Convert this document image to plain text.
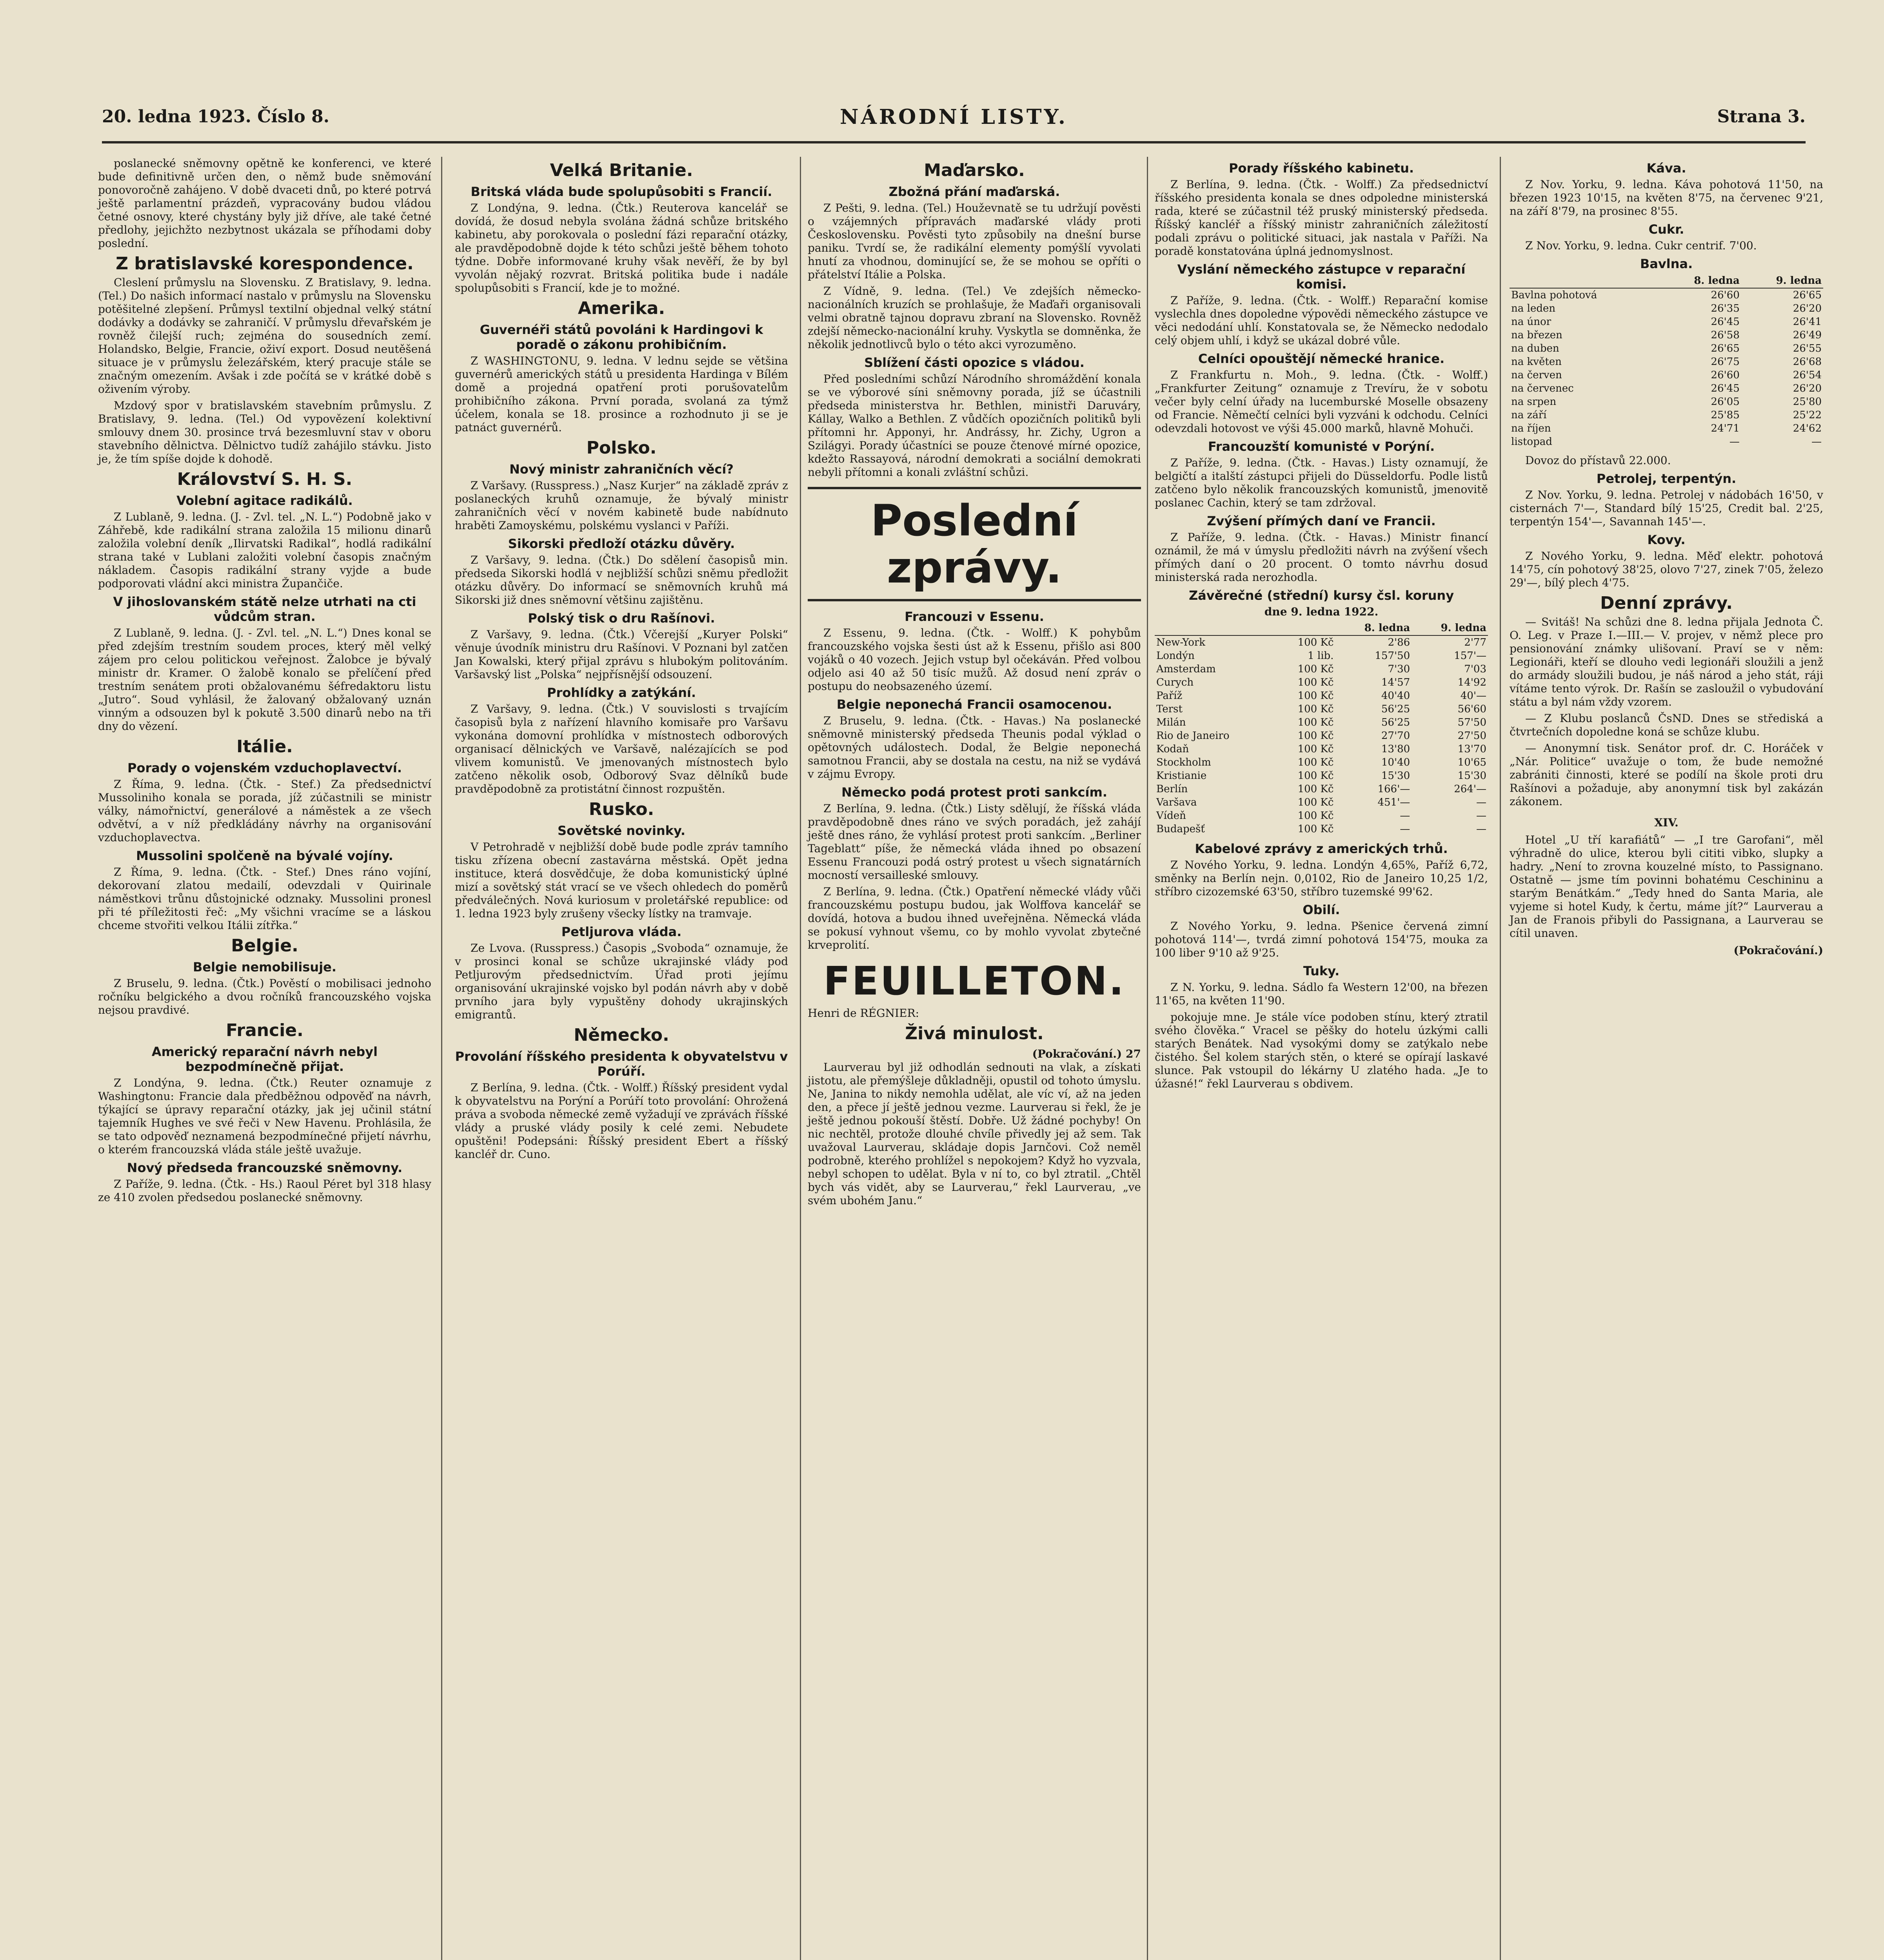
20. ledna 1923. Číslo 8.	NÁRODNÍ LISTY.	Strana 3.

poslanecké sněmovny opětně ke konferenci, ve které bude definitivně určen den, o němž bude sněmování ponovoročně zahájeno. V době dvaceti dnů, po které potrvá ještě parlamentní prázdeň, vypracovány budou vládou četné osnovy, které chystány byly již dříve, ale také četné předlohy, jejichžto nezbytnost ukázala se příhodami doby poslední.

Z bratislavské korespondence.

Cleslení průmyslu na Slovensku. Z Bratislavy, 9. ledna. (Tel.) Do našich informací nastalo v průmyslu na Slovensku potěšitelné zlepšení. Průmysl textilní objednal velký státní dodávky a dodávky se zahraničí. V průmyslu dřevařském je rovněž čilejší ruch; zejména do sousedních zemí. Holandsko, Belgie, Francie, oživí export. Dosud neutěšená situace je v průmyslu železářském, který pracuje stále se značným omezením. Avšak i zde počítá se v krátké době s oživením výroby.

Mzdový spor v bratislavském stavebním průmyslu. Z Bratislavy, 9. ledna. (Tel.) Od vypovězení kolektivní smlouvy dnem 30. prosince trvá bezesmluvní stav v oboru stavebního dělnictva. Dělnictvo tudíž zahájilo stávku. Jisto je, že tím spíše dojde k dohodě.

Království S. H. S.
Volební agitace radikálů.

Z Lublaně, 9. ledna. (J. - Zvl. tel. „N. L.“) Podobně jako v Záhřebě, kde radikální strana založila 15 milionu dinarů založila volební deník „Ilirvatski Radikal“, hodlá radikální strana také v Lublani založiti volební časopis značným nákladem. Časopis radikální strany vyjde a bude podporovati vládní akci ministra Župančiče.

V jihoslovanském státě nelze utrhati na cti vůdcům stran.

Z Lublaně, 9. ledna. (J. - Zvl. tel. „N. L.“) Dnes konal se před zdejším trestním soudem proces, který měl velký zájem pro celou politickou veřejnost. Žalobce je bývalý ministr dr. Kramer. O žalobě konalo se přelíčení před trestním senátem proti obžalovanému šéfredaktoru listu „Jutro“. Soud vyhlásil, že žalovaný obžalovaný uznán vinným a odsouzen byl k pokutě 3.500 dinarů nebo na tři dny do vězení.

Itálie.
Porady o vojenském vzduchoplavectví.

Z Říma, 9. ledna. (Čtk. - Stef.) Za předsednictví Mussoliniho konala se porada, jíž zúčastnili se ministr války, námořnictví, generálové a náměstek a ze všech odvětví, a v níž předkládány návrhy na organisování vzduchoplavectva.

Mussolini spolčeně na bývalé vojíny.

Z Říma, 9. ledna. (Čtk. - Stef.) Dnes ráno vojíní, dekorovaní zlatou medailí, odevzdali v Quirinale náměstkovi trůnu důstojnické odznaky. Mussolini pronesl při té příležitosti řeč: „My všichni vracíme se a láskou chceme stvořiti velkou Itálii zítřka.“

Belgie.
Belgie nemobilisuje.

Z Bruselu, 9. ledna. (Čtk.) Pověstí o mobilisaci jednoho ročníku belgického a dvou ročníků francouzského vojska nejsou pravdivé.

Francie.
Americký reparační návrh nebyl bezpodmínečně přijat.

Z Londýna, 9. ledna. (Čtk.) Reuter oznamuje z Washingtonu: Francie dala předběžnou odpověď na návrh, týkající se úpravy reparační otázky, jak jej učinil státní tajemník Hughes ve své řeči v New Havenu. Prohlásila, že se tato odpověď neznamená bezpodmínečné přijetí návrhu, o kterém francouzská vláda stále ještě uvažuje.

Nový předseda francouzské sněmovny.

Z Paříže, 9. ledna. (Čtk. - Hs.) Raoul Péret byl 318 hlasy ze 410 zvolen předsedou poslanecké sněmovny.

Velká Britanie.
Britská vláda bude spolupůsobiti s Francií.

Z Londýna, 9. ledna. (Čtk.) Reuterova kancelář se dovídá, že dosud nebyla svolána žádná schůze britského kabinetu, aby porokovala o poslední fázi reparační otázky, ale pravděpodobně dojde k této schůzi ještě během tohoto týdne. Dobře informované kruhy však nevěří, že by byl vyvolán nějaký rozvrat. Britská politika bude i nadále spolupůsobiti s Francií, kde je to možné.

Amerika.
Guvernéři států povoláni k Hardingovi k poradě o zákonu prohibičním.

Z WASHINGTONU, 9. ledna. V lednu sejde se většina guvernérů amerických států u presidenta Hardinga v Bílém domě a projedná opatření proti porušovatelům prohibičního zákona. První porada, svolaná za týmž účelem, konala se 18. prosince a rozhodnuto ji se je patnáct guvernérů.

Polsko.
Nový ministr zahraničních věcí?

Z Varšavy. (Russpress.) „Nasz Kurjer“ na základě zpráv z poslaneckých kruhů oznamuje, že bývalý ministr zahraničních věcí v novém kabinetě bude nabídnuto hraběti Zamoyskému, polskému vyslanci v Paříži.

Sikorski předloží otázku důvěry.

Z Varšavy, 9. ledna. (Čtk.) Do sdělení časopisů min. předseda Sikorski hodlá v nejbližší schůzi sněmu předložit otázku důvěry. Do informací se sněmovních kruhů má Sikorski již dnes sněmovní většinu zajištěnu.

Polský tisk o dru Rašínovi.

Z Varšavy, 9. ledna. (Čtk.) Včerejší „Kuryer Polski“ věnuje úvodník ministru dru Rašínovi. V Poznani byl zatčen Jan Kowalski, který přijal zprávu s hlubokým politováním. Varšavský list „Polska“ nejpřísnější odsouzení.

Prohlídky a zatýkání.

Z Varšavy, 9. ledna. (Čtk.) V souvislosti s trvajícím časopisů byla z nařízení hlavního komisaře pro Varšavu vykonána domovní prohlídka v místnostech odborových organisací dělnických ve Varšavě, nalézajících se pod vlivem komunistů. Ve jmenovaných místnostech bylo zatčeno několik osob, Odborový Svaz dělníků bude pravděpodobně za protistátní činnost rozpuštěn.

Rusko.
Sovětské novinky.

V Petrohradě v nejbližší době bude podle zpráv tamního tisku zřízena obecní zastavárna městská. Opět jedna instituce, která dosvědčuje, že doba komunistický úplné mizí a sovětský stát vrací se ve všech ohledech do poměrů předválečných. Nová kuriosum v proletářské republice: od 1. ledna 1923 byly zrušeny všecky lístky na tramvaje.

Petljurova vláda.

Ze Lvova. (Russpress.) Časopis „Svoboda“ oznamuje, že v prosinci konal se schůze ukrajinské vlády pod Petljurovým předsednictvím. Úřad proti jejímu organisování ukrajinské vojsko byl podán návrh aby v době prvního jara byly vypuštěny dohody ukrajinských emigrantů.

Německo.
Provolání říšského presidenta k obyvatelstvu v Porúří.

Z Berlína, 9. ledna. (Čtk. - Wolff.) Říšský president vydal k obyvatelstvu na Porýní a Porúří toto provolání: Ohrožená práva a svoboda německé země vyžadují ve zprávách říšské vlády a pruské vlády posily k celé zemi. Nebudete opuštěni! Podepsáni: Říšský president Ebert a říšský kancléř dr. Cuno.

Maďarsko.
Zbožná přání maďarská.

Z Pešti, 9. ledna. (Tel.) Houževnatě se tu udržují pověsti o vzájemných přípravách maďarské vlády proti Československu. Pověsti tyto způsobily na dnešní burse paniku. Tvrdí se, že radikální elementy pomýšlí vyvolati hnutí za vhodnou, dominující se, že se mohou se opříti o přátelství Itálie a Polska.

Z Vídně, 9. ledna. (Tel.) Ve zdejších německo-nacionálních kruzích se prohlašuje, že Maďaři organisovali velmi obratně tajnou dopravu zbraní na Slovensko. Rovněž zdejší německo-nacionální kruhy. Vyskytla se domněnka, že několik jednotlivců bylo o této akci vyrozuměno.

Sblížení části opozice s vládou.

Před posledními schůzí Národního shromáždění konala se ve výborové síni sněmovny porada, jíž se účastnili předseda ministerstva hr. Bethlen, ministři Daruváry, Kállay, Walko a Bethlen. Z vůdčích opozičních politiků byli přítomni hr. Apponyi, hr. Andrássy, hr. Zichy, Ugron a Szilágyi. Porady účastníci se pouze čtenové mírné opozice, kdežto Rassayová, národní demokrati a sociální demokrati nebyli přítomni a konali zvláštní schůzi.

Poslední zprávy.
Francouzi v Essenu.

Z Essenu, 9. ledna. (Čtk. - Wolff.) K pohybům francouzského vojska šesti úst až k Essenu, přišlo asi 800 vojáků o 40 vozech. Jejich vstup byl očekáván. Před volbou odjelo asi 40 až 50 tisíc mužů. Až dosud není zpráv o postupu do neobsazeného území.

Belgie neponechá Francii osamocenou.

Z Bruselu, 9. ledna. (Čtk. - Havas.) Na poslanecké sněmovně ministerský předseda Theunis podal výklad o opětovných událostech. Dodal, že Belgie neponechá samotnou Francii, aby se dostala na cestu, na niž se vydává v zájmu Evropy.

Německo podá protest proti sankcím.

Z Berlína, 9. ledna. (Čtk.) Listy sdělují, že říšská vláda pravděpodobně dnes ráno ve svých poradách, jež zahájí ještě dnes ráno, že vyhlásí protest proti sankcím. „Berliner Tageblatt“ píše, že německá vláda ihned po obsazení Essenu Francouzi podá ostrý protest u všech signatárních mocností versailleské smlouvy.

Z Berlína, 9. ledna. (Čtk.) Opatření německé vlády vůči francouzskému postupu budou, jak Wolffova kancelář se dovídá, hotova a budou ihned uveřejněna. Německá vláda se pokusí vyhnout všemu, co by mohlo vyvolat zbytečné krveprolití.

FEUILLETON.
Henri de RÉGNIER:
Živá minulost.
(Pokračování.) 27

Laurverau byl již odhodlán sednouti na vlak, a získati jistotu, ale přemýšleje důkladněji, opustil od tohoto úmyslu. Ne, Janina to nikdy nemohla udělat, ale víc ví, až na jeden den, a přece jí ještě jednou vezme. Laurverau si řekl, že je ještě jednou pokouší štěstí. Dobře. Už žádné pochyby! On nic nechtěl, protože dlouhé chvíle přivedly jej až sem. Tak uvažoval Laurverau, skládaje dopis Jarnčovi. Což neměl podrobně, kterého prohlížel s nepokojem? Když ho vyzvala, nebyl schopen to udělat. Byla v ní to, co byl ztratil. „Chtěl bych vás vidět, aby se Laurverau,“ řekl Laurverau, „ve svém ubohém Janu.“

Porady říšského kabinetu.

Z Berlína, 9. ledna. (Čtk. - Wolff.) Za předsednictví říšského presidenta konala se dnes odpoledne ministerská rada, které se zúčastnil též pruský ministerský předseda. Říšský kancléř a říšský ministr zahraničních záležitostí podali zprávu o politické situaci, jak nastala v Paříži. Na poradě konstatována úplná jednomyslnost.

Vyslání německého zástupce v reparační komisi.

Z Paříže, 9. ledna. (Čtk. - Wolff.) Reparační komise vyslechla dnes dopoledne výpovědi německého zástupce ve věci nedodání uhlí. Konstatovala se, že Německo nedodalo celý objem uhlí, i když se ukázal dobré vůle.

Celníci opouštějí německé hranice.

Z Frankfurtu n. Moh., 9. ledna. (Čtk. - Wolff.) „Frankfurter Zeitung“ oznamuje z Trevíru, že v sobotu večer byly celní úřady na lucemburské Moselle obsazeny od Francie. Němečtí celníci byli vyzváni k odchodu. Celníci odevzdali hotovost ve výši 45.000 marků, hlavně Mohuči.

Francouzští komunisté v Porýní.

Z Paříže, 9. ledna. (Čtk. - Havas.) Listy oznamují, že belgičtí a italští zástupci přijeli do Düsseldorfu. Podle listů zatčeno bylo několik francouzských komunistů, jmenovitě poslanec Cachin, který se tam zdržoval.

Zvýšení přímých daní ve Francii.

Z Paříže, 9. ledna. (Čtk. - Havas.) Ministr financí oznámil, že má v úmyslu předložiti návrh na zvýšení všech přímých daní o 20 procent. O tomto návrhu dosud ministerská rada nerozhodla.

Závěrečné (střední) kursy čsl. koruny
dne 9. ledna 1922.
		8. ledna	9. ledna
New-York	100 Kč	2'86	2'77
Londýn	1 lib.	157'50	157'—
Amsterdam	100 Kč	7'30	7'03
Curych	100 Kč	14'57	14'92
Paříž	100 Kč	40'40	40'—
Terst	100 Kč	56'25	56'60
Milán	100 Kč	56'25	57'50
Rio de Janeiro	100 Kč	27'70	27'50
Kodaň	100 Kč	13'80	13'70
Stockholm	100 Kč	10'40	10'65
Kristianie	100 Kč	15'30	15'30
Berlín	100 Kč	166'—	264'—
Varšava	100 Kč	451'—	—
Vídeň	100 Kč	—	—
Budapešť	100 Kč	—	—
Kabelové zprávy z amerických trhů.

Z Nového Yorku, 9. ledna. Londýn 4,65%, Paříž 6,72, směnky na Berlín nejn. 0,0102, Rio de Janeiro 10,25 1/2, stříbro cizozemské 63'50, stříbro tuzemské 99'62.

Obilí.

Z Nového Yorku, 9. ledna. Pšenice červená zimní pohotová 114'—, tvrdá zimní pohotová 154'75, mouka za 100 liber 9'10 až 9'25.

Tuky.

Z N. Yorku, 9. ledna. Sádlo fa Western 12'00, na březen 11'65, na květen 11'90.

pokojuje mne. Je stále více podoben stínu, který ztratil svého člověka.“ Vracel se pěšky do hotelu úzkými calli starých Benátek. Nad vysokými domy se zatýkalo nebe čistého. Šel kolem starých stěn, o které se opírají laskavé slunce. Pak vstoupil do lékárny U zlatého hada. „Je to úžasné!“ řekl Laurverau s obdivem.

Káva.

Z Nov. Yorku, 9. ledna. Káva pohotová 11'50, na březen 1923 10'15, na květen 8'75, na červenec 9'21, na září 8'79, na prosinec 8'55.

Cukr.

Z Nov. Yorku, 9. ledna. Cukr centrif. 7'00.

Bavlna.
	8. ledna	9. ledna
Bavlna pohotová	26'60	26'65
na leden	26'35	26'20
na únor	26'45	26'41
na březen	26'58	26'49
na duben	26'65	26'55
na květen	26'75	26'68
na červen	26'60	26'54
na červenec	26'45	26'20
na srpen	26'05	25'80
na září	25'85	25'22
na říjen	24'71	24'62
listopad	—	—

Dovoz do přístavů 22.000.

Petrolej, terpentýn.

Z Nov. Yorku, 9. ledna. Petrolej v nádobách 16'50, v cisternách 7'—, Standard bílý 15'25, Credit bal. 2'25, terpentýn 154'—, Savannah 145'—.

Kovy.

Z Nového Yorku, 9. ledna. Měď elektr. pohotová 14'75, cín pohotový 38'25, olovo 7'27, zinek 7'05, železo 29'—, bílý plech 4'75.

Denní zprávy.

— Svitáš! Na schůzi dne 8. ledna přijala Jednota Č. O. Leg. v Praze I.—III.— V. projev, v němž plece pro pensionování známky ulišovaní. Praví se v něm: Legionáři, kteří se dlouho vedi legionáři sloužili a jenž do armády sloužili budou, je náš národ a jeho stát, ráji vítáme tento výrok. Dr. Rašín se zasloužil o vybudování státu a byl nám vždy vzorem.

— Z Klubu poslanců ČsND. Dnes se střediská a čtvrtečních dopoledne koná se schůze klubu.

— Anonymní tisk. Senátor prof. dr. C. Horáček v „Nár. Politice“ uvažuje o tom, že bude nemožné zabrániti činnosti, které se podílí na škole proti dru Rašínovi a požaduje, aby anonymní tisk byl zakázán zákonem.

XIV.

Hotel „U tří karafiátů“ — „I tre Garofani“, měl výhradně do ulice, kterou byli cititi vibko, slupky a hadry. „Není to zrovna kouzelné místo, to Passignano. Ostatně — jsme tím povinni bohatému Ceschininu a starým Benátkám.“ „Tedy hned do Santa Maria, ale vyjeme si hotel Kudy, k čertu, máme jít?“ Laurverau a Jan de Franois přibyli do Passignana, a Laurverau se cítil unaven.

(Pokračování.)
